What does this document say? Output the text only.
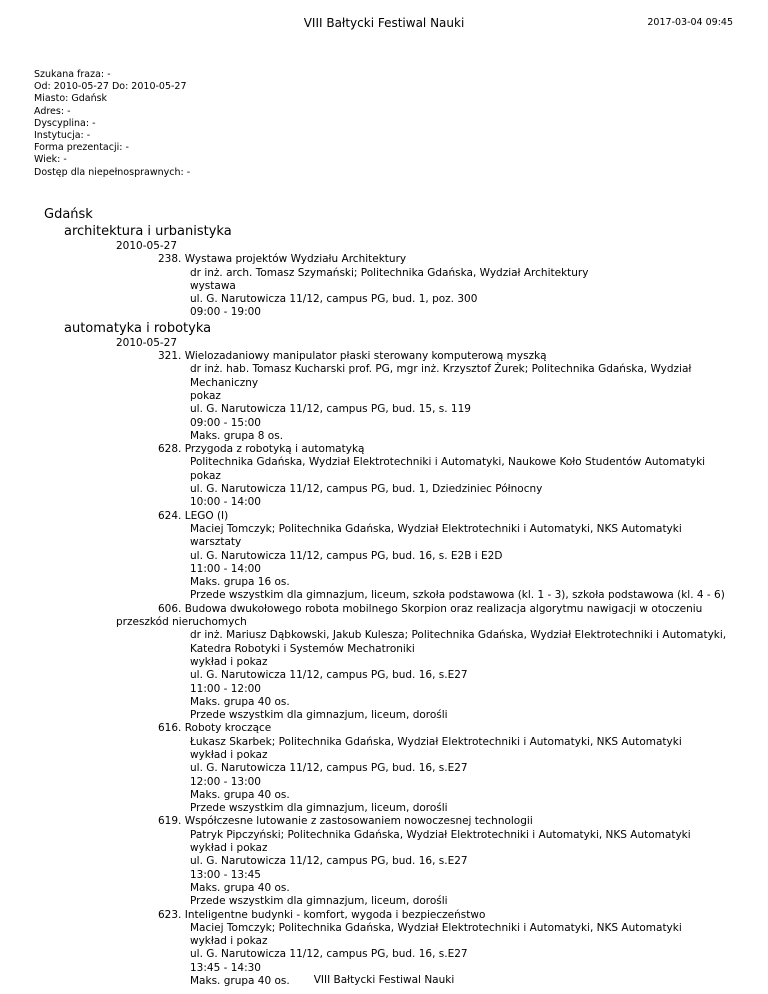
VIII Bałtycki Festiwal Nauki	2017-03-04 09:45
Szukana fraza: -
Od: 2010-05-27 Do: 2010-05-27
Miasto: Gdańsk
Adres: -
Dyscyplina: -
Instytucja: -
Forma prezentacji: -
Wiek: -
Dostęp dla niepełnosprawnych: -
Gdańsk
architektura i urbanistyka
2010-05-27
238. Wystawa projektów Wydziału Architektury
dr inż. arch. Tomasz Szymański; Politechnika Gdańska, Wydział Architektury
wystawa
ul. G. Narutowicza 11/12, campus PG, bud. 1, poz. 300
09:00 - 19:00
automatyka i robotyka
2010-05-27
321. Wielozadaniowy manipulator płaski sterowany komputerową myszką
dr inż. hab. Tomasz Kucharski prof. PG, mgr inż. Krzysztof Żurek; Politechnika Gdańska, Wydział Mechaniczny
pokaz
ul. G. Narutowicza 11/12, campus PG, bud. 15, s. 119
09:00 - 15:00
Maks. grupa 8 os.
628. Przygoda z robotyką i automatyką
Politechnika Gdańska, Wydział Elektrotechniki i Automatyki, Naukowe Koło Studentów Automatyki
pokaz
ul. G. Narutowicza 11/12, campus PG, bud. 1, Dziedziniec Północny
10:00 - 14:00
624. LEGO (I)
Maciej Tomczyk; Politechnika Gdańska, Wydział Elektrotechniki i Automatyki, NKS Automatyki
warsztaty
ul. G. Narutowicza 11/12, campus PG, bud. 16, s. E2B i E2D
11:00 - 14:00
Maks. grupa 16 os.
Przede wszystkim dla gimnazjum, liceum, szkoła podstawowa (kl. 1 - 3), szkoła podstawowa (kl. 4 - 6)
606. Budowa dwukołowego robota mobilnego Skorpion oraz realizacja algorytmu nawigacji w otoczeniu przeszkód nieruchomych
dr inż. Mariusz Dąbkowski, Jakub Kulesza; Politechnika Gdańska, Wydział Elektrotechniki i Automatyki, Katedra Robotyki i Systemów Mechatroniki
wykład i pokaz
ul. G. Narutowicza 11/12, campus PG, bud. 16, s.E27
11:00 - 12:00
Maks. grupa 40 os.
Przede wszystkim dla gimnazjum, liceum, dorośli
616. Roboty kroczące
Łukasz Skarbek; Politechnika Gdańska, Wydział Elektrotechniki i Automatyki, NKS Automatyki
wykład i pokaz
ul. G. Narutowicza 11/12, campus PG, bud. 16, s.E27
12:00 - 13:00
Maks. grupa 40 os.
Przede wszystkim dla gimnazjum, liceum, dorośli
619. Współczesne lutowanie z zastosowaniem nowoczesnej technologii
Patryk Pipczyński; Politechnika Gdańska, Wydział Elektrotechniki i Automatyki, NKS Automatyki
wykład i pokaz
ul. G. Narutowicza 11/12, campus PG, bud. 16, s.E27
13:00 - 13:45
Maks. grupa 40 os.
Przede wszystkim dla gimnazjum, liceum, dorośli
623. Inteligentne budynki - komfort, wygoda i bezpieczeństwo
Maciej Tomczyk; Politechnika Gdańska, Wydział Elektrotechniki i Automatyki, NKS Automatyki
wykład i pokaz
ul. G. Narutowicza 11/12, campus PG, bud. 16, s.E27
13:45 - 14:30
Maks. grupa 40 os.	VIII Bałtycki Festiwal Nauki
